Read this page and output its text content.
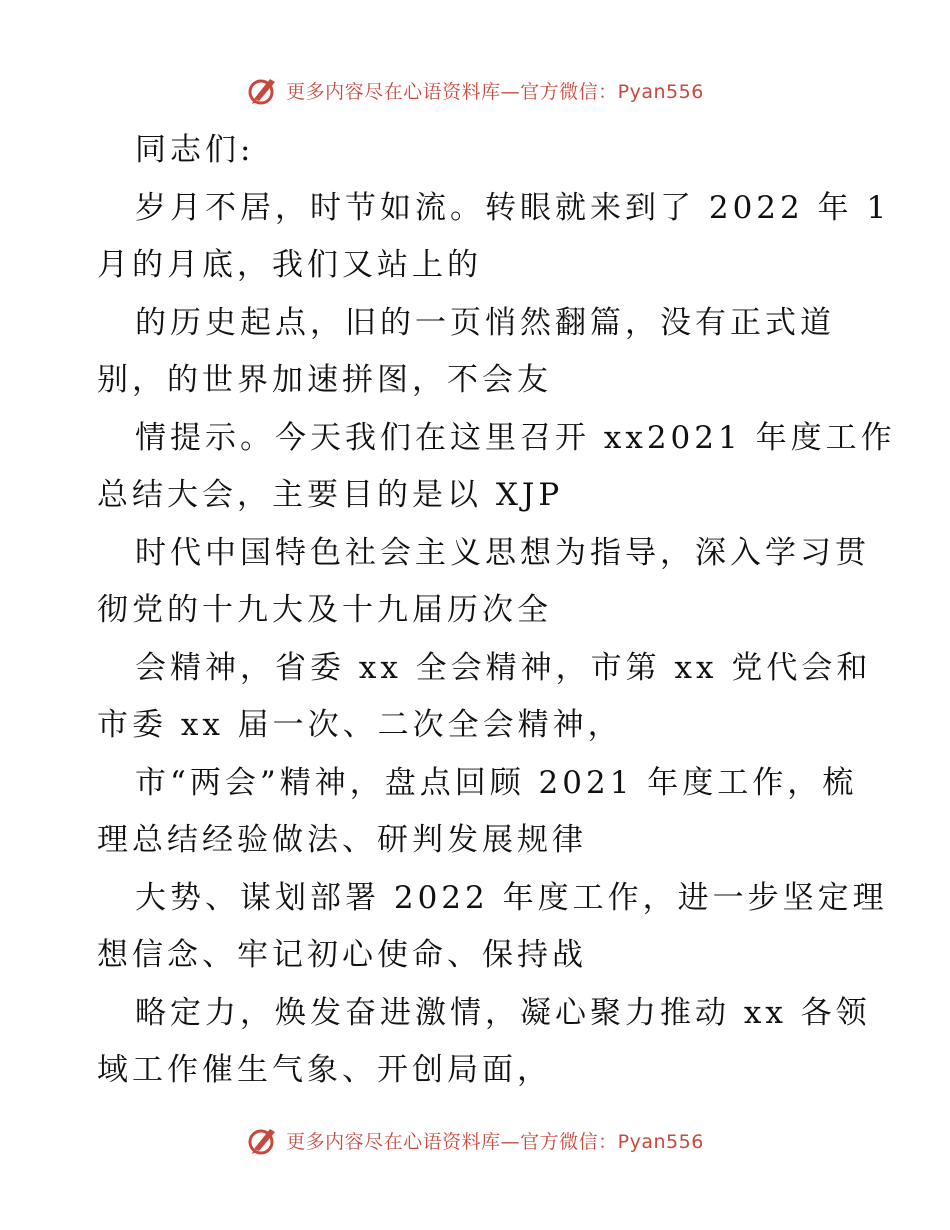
更多内容尽在心语资料库—官方微信：Pyan556
同志们:
岁月不居，时节如流。转眼就来到了 2022 年 1
月的月底，我们又站上的
的历史起点，旧的一页悄然翻篇，没有正式道
别，的世界加速拼图，不会友
情提示。今天我们在这里召开 xx2021 年度工作
总结大会，主要目的是以 XJP
时代中国特色社会主义思想为指导，深入学习贯
彻党的十九大及十九届历次全
会精神，省委 xx 全会精神，市第 xx 党代会和
市委 xx 届一次、二次全会精神，
市“两会”精神，盘点回顾 2021 年度工作，梳
理总结经验做法、研判发展规律
大势、谋划部署 2022 年度工作，进一步坚定理
想信念、牢记初心使命、保持战
略定力，焕发奋进激情，凝心聚力推动 xx 各领
域工作催生气象、开创局面，
更多内容尽在心语资料库—官方微信：Pyan556
